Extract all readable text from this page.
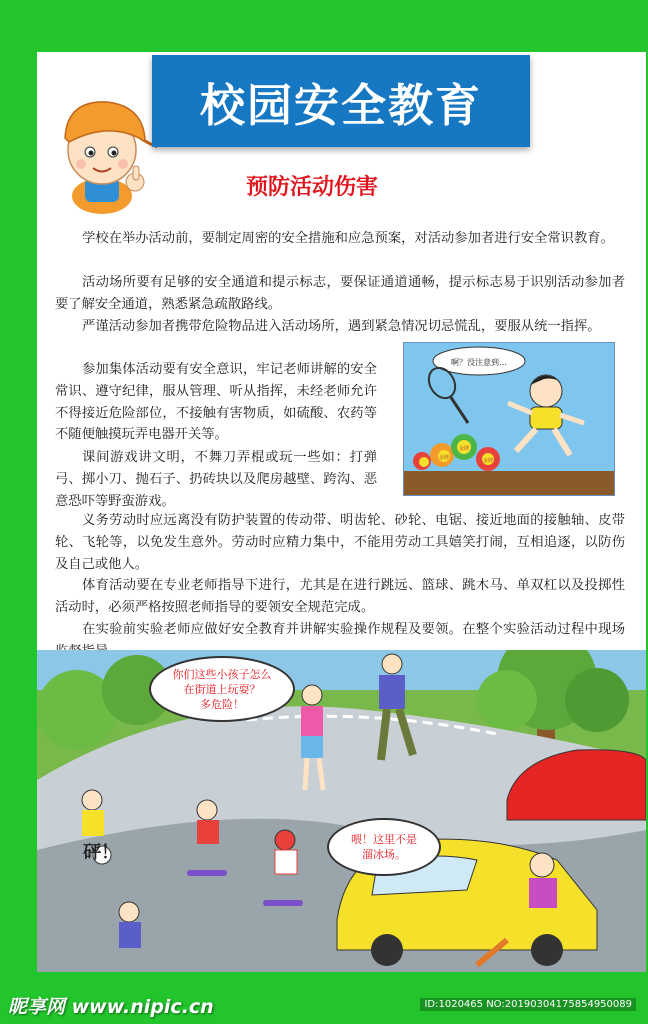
校园安全教育
预防活动伤害

学校在举办活动前，要制定周密的安全措施和应急预案，对活动参加者进行安全常识教育。

活动场所要有足够的安全通道和提示标志，要保证通道通畅，提示标志易于识别活动参加者要了解安全通道，熟悉紧急疏散路线。

严谨活动参加者携带危险物品进入活动场所，遇到紧急情况切忌慌乱，要服从统一指挥。

参加集体活动要有安全意识，牢记老师讲解的安全常识、遵守纪律，服从管理、听从指挥，未经老师允许不得接近危险部位，不接触有害物质，如硫酸、农药等不随便触摸玩弄电器开关等。

课间游戏讲文明，不舞刀弄棍或玩一些如：打弹弓、掷小刀、抛石子、扔砖块以及爬房越壁、跨沟、恶意恐吓等野蛮游戏。

义务劳动时应远离没有防护装置的传动带、明齿轮、砂轮、电锯、接近地面的接触轴、皮带轮、飞轮等，以免发生意外。劳动时应精力集中，不能用劳动工具嬉笑打闹，互相追逐，以防伤及自己或他人。

体育活动要在专业老师指导下进行，尤其是在进行跳远、篮球、跳木马、单双杠以及投掷性活动时，必须严格按照老师指导的要领安全规范完成。

在实验前实验老师应做好安全教育并讲解实验操作规程及要领。在整个实验活动过程中现场

啊？没注意到…
金牌
金牌
金牌
你们这些小孩子怎么
在街道上玩耍？
多危险！
喂！这里不是
溜冰场。
砰！
昵享网 www.nipic.cn	ID:1020465 NO:20190304175854950089
